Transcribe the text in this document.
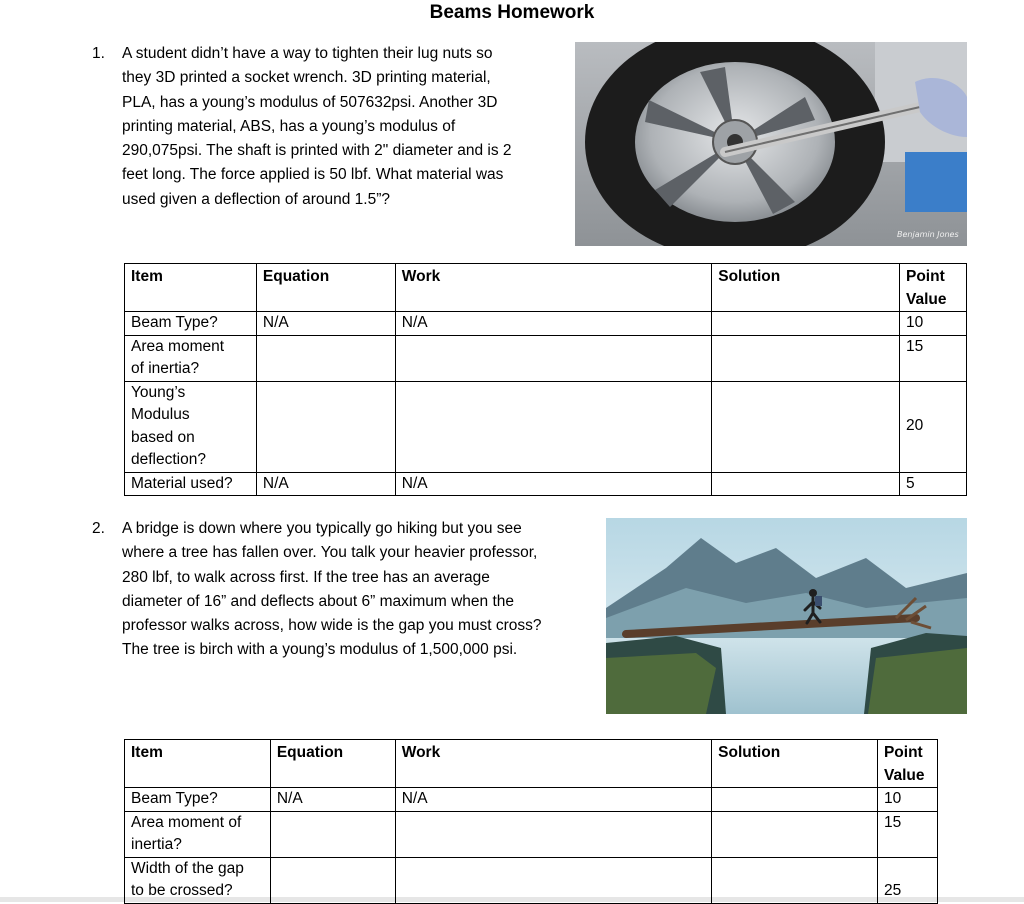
Beams Homework
1. A student didn’t have a way to tighten their lug nuts so
they 3D printed a socket wrench. 3D printing material,
PLA, has a young’s modulus of 507632psi. Another 3D
printing material, ABS, has a young’s modulus of
290,075psi. The shaft is printed with 2" diameter and is 2
feet long. The force applied is 50 lbf. What material was
used given a deflection of around 1.5”?
Benjamin Jones
Item	Equation	Work	Solution	Point
Value

Beam Type?	N/A	N/A		10

Area moment
of inertia?				15

Young’s
Modulus
based on
deflection?				20
Material used?	N/A	N/A		5
2. A bridge is down where you typically go hiking but you see
where a tree has fallen over. You talk your heavier professor,
280 lbf, to walk across first. If the tree has an average
diameter of 16” and deflects about 6” maximum when the
professor walks across, how wide is the gap you must cross?
The tree is birch with a young’s modulus of 1,500,000 psi.
Item	Equation	Work	Solution	Point
Value

Beam Type?	N/A	N/A		10

Area moment of
inertia?				15

Width of the gap
to be crossed?				25
